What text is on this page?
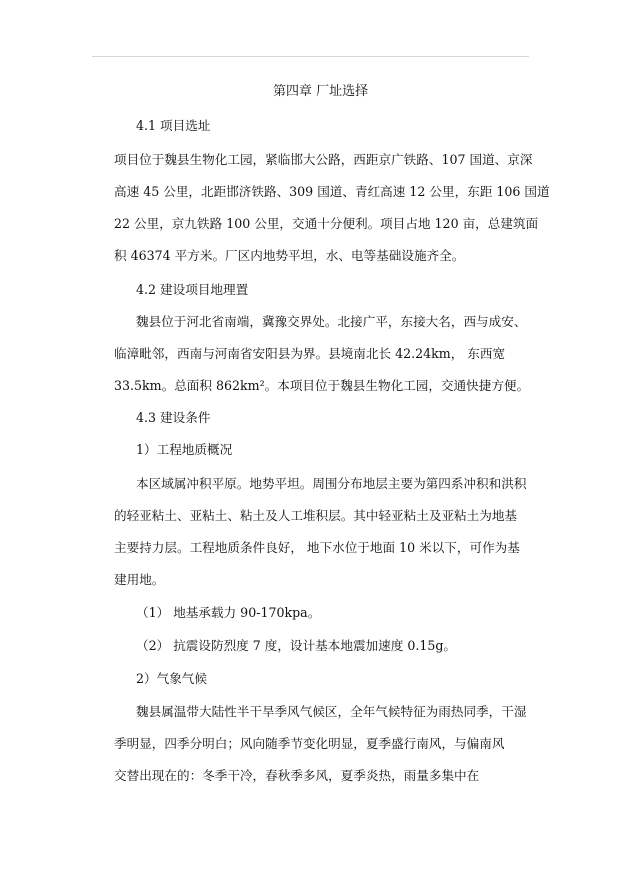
第四章 厂址选择
4.1 项目选址
项目位于魏县生物化工园，紧临邯大公路，西距京广铁路、107 国道、京深
高速 45 公里，北距邯济铁路、309 国道、青红高速 12 公里，东距 106 国道
22 公里，京九铁路 100 公里，交通十分便利。项目占地 120 亩，总建筑面
积 46374 平方米。厂区内地势平坦，水、电等基础设施齐全。
4.2 建设项目地理置
魏县位于河北省南端，冀豫交界处。北接广平，东接大名，西与成安、
临漳毗邻，西南与河南省安阳县为界。县境南北长 42.24km， 东西宽
33.5km。总面积 862km²。本项目位于魏县生物化工园，交通快捷方便。
4.3 建设条件
1）工程地质概况
本区域属冲积平原。地势平坦。周围分布地层主要为第四系冲积和洪积
的轻亚粘土、亚粘土、粘土及人工堆积层。其中轻亚粘土及亚粘土为地基
主要持力层。工程地质条件良好， 地下水位于地面 10 米以下，可作为基
建用地。
（1） 地基承载力 90-170kpa。
（2） 抗震设防烈度 7 度，设计基本地震加速度 0.15g。
2）气象气候
魏县属温带大陆性半干旱季风气候区，全年气候特征为雨热同季，干湿
季明显，四季分明白；风向随季节变化明显，夏季盛行南风，与偏南风
交替出现在的：冬季干冷，春秋季多风，夏季炎热，雨量多集中在
